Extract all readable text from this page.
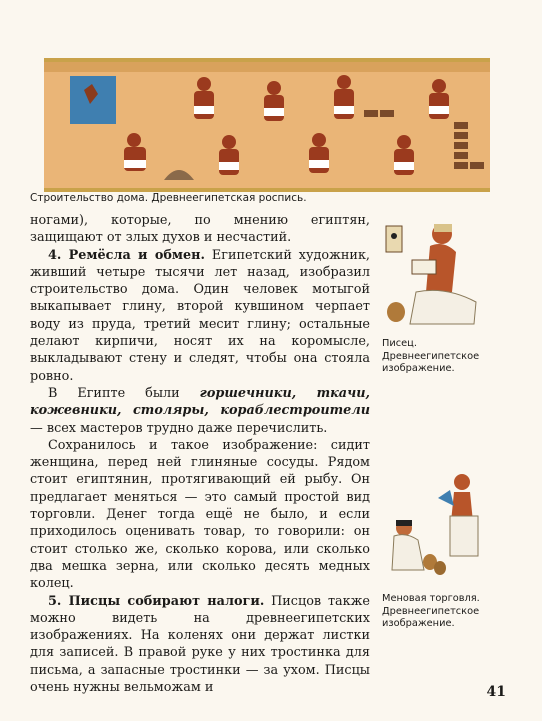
Строительство дома. Древнеегипетская роспись.

ногами), которые, по мнению египтян, защищают от злых духов и несчастий.

4. Ремёсла и обмен. Египетский художник, живший четыре тысячи лет назад, изобразил строительство дома. Один человек мотыгой выкапывает глину, второй кувшином черпает воду из пруда, третий месит глину; остальные делают кирпичи, носят их на коромысле, выкладывают стену и следят, чтобы она стояла ровно.

В Египте были горшечники, ткачи, кожевники, столяры, кораблестроители — всех мастеров трудно даже перечислить.

Сохранилось и такое изображение: сидит женщина, перед ней глиняные сосуды. Рядом стоит египтянин, протягивающий ей рыбу. Он предлагает меняться — это самый простой вид торговли. Денег тогда ещё не было, и если приходилось оценивать товар, то говорили: он стоит столько же, сколько корова, или сколько два мешка зерна, или сколько десять медных колец.

5. Писцы собирают налоги. Писцов также можно видеть на древнеегипетских изображениях. На коленях они держат листки для записей. В правой руке у них тростинка для письма, а запасные тростинки — за ухом. Писцы очень нужны вельможам и

Писец. Древнеегипетское изображение.
Меновая торговля. Древнеегипетское изображение.
41
